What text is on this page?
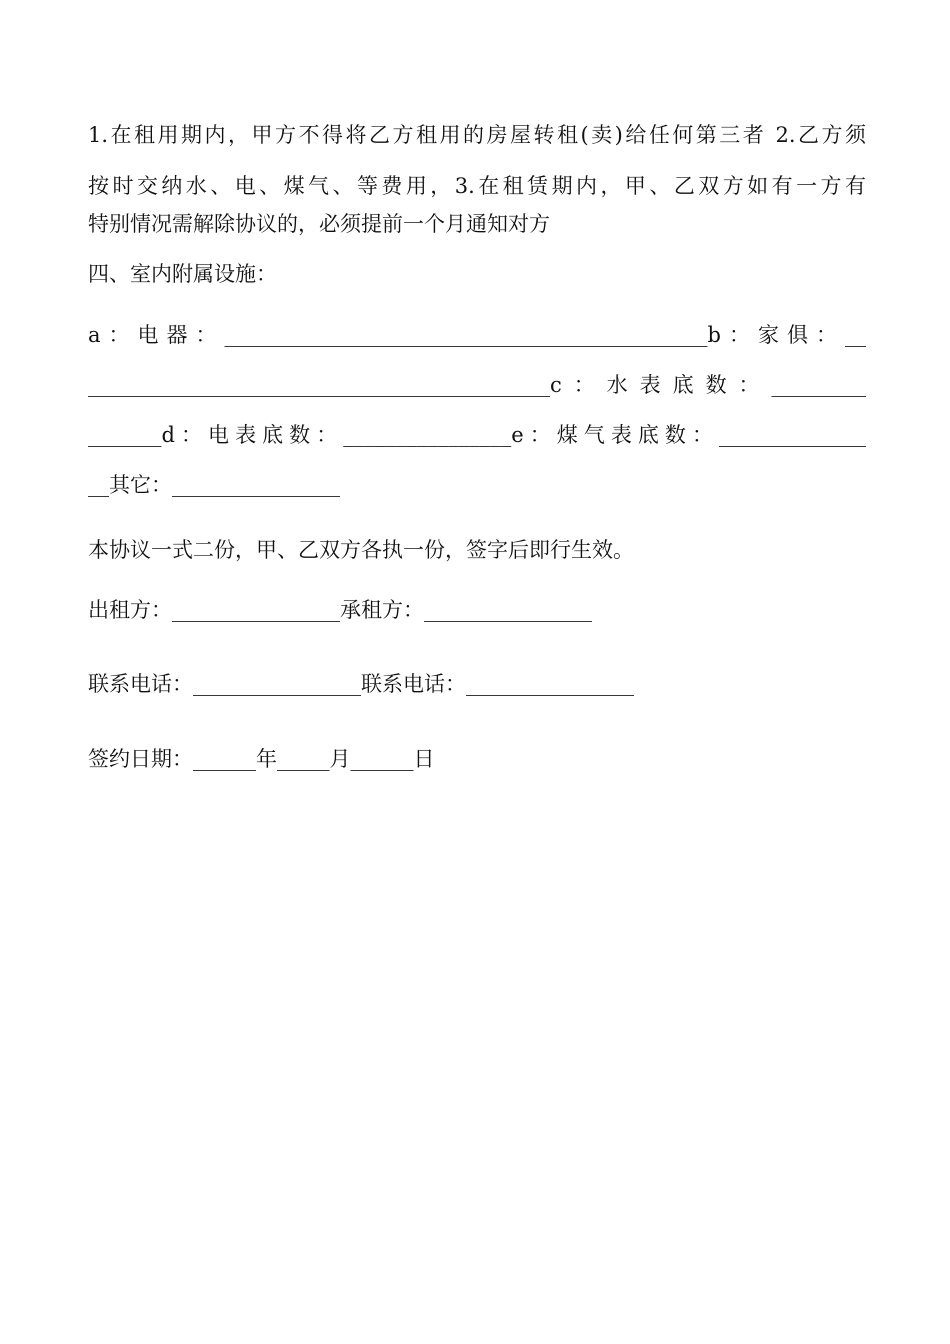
1.在租用期内，甲方不得将乙方租用的房屋转租(卖)给任何第三者 2.乙方须
按时交纳水、电、煤气、等费用，3.在租赁期内，甲、乙双方如有一方有
特别情况需解除协议的，必须提前一个月通知对方
四、室内附属设施：
a：电器：______________________________________________b：家俱：__
____________________________________________c：水表底数：_________
_______d：电表底数：________________e：煤气表底数：______________
__其它：________________
本协议一式二份，甲、乙双方各执一份，签字后即行生效。
出租方：________________承租方：________________
联系电话：________________联系电话：________________
签约日期：______年_____月______日
